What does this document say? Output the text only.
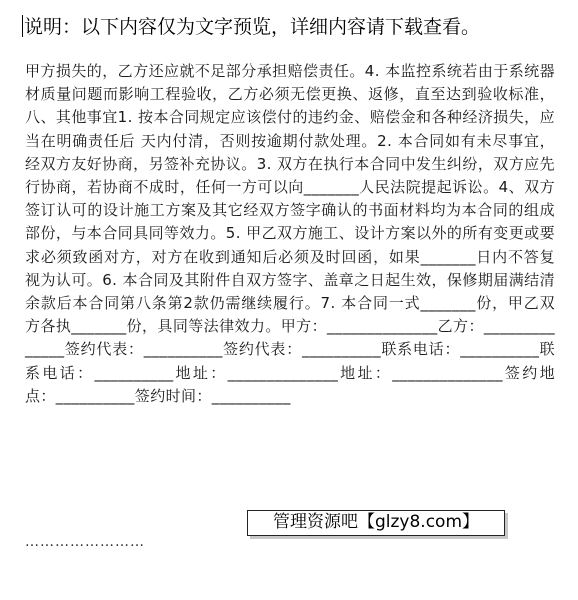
说明：以下内容仅为文字预览，详细内容请下载查看。
甲方损失的，乙方还应就不足部分承担赔偿责任。4. 本监控系统若由于系统器材质量问题而影响工程验收，乙方必须无偿更换、返修，直至达到验收标准， 八、其他事宜1. 按本合同规定应该偿付的违约金、赔偿金和各种经济损失，应当在明确责任后 天内付清，否则按逾期付款处理。2. 本合同如有未尽事宜，经双方友好协商，另签补充协议。3. 双方在执行本合同中发生纠纷，双方应先行协商，若协商不成时，任何一方可以向_______人民法院提起诉讼。4、双方签订认可的设计施工方案及其它经双方签字确认的书面材料均为本合同的组成部份，与本合同具同等效力。5. 甲乙双方施工、设计方案以外的所有变更或要求必须致函对方，对方在收到通知后必须及时回函，如果_______日内不答复视为认可。6. 本合同及其附件自双方签字、盖章之日起生效，保修期届满结清余款后本合同第八条第2款仍需继续履行。7. 本合同一式_______份，甲乙双方各执_______份，具同等法律效力。甲方：______________乙方：______________签约代表：__________签约代表：__________联系电话：__________联系电话：__________地址：______________地址：______________签约地点：__________签约时间：__________
管理资源吧【glzy8.com】
……………………
